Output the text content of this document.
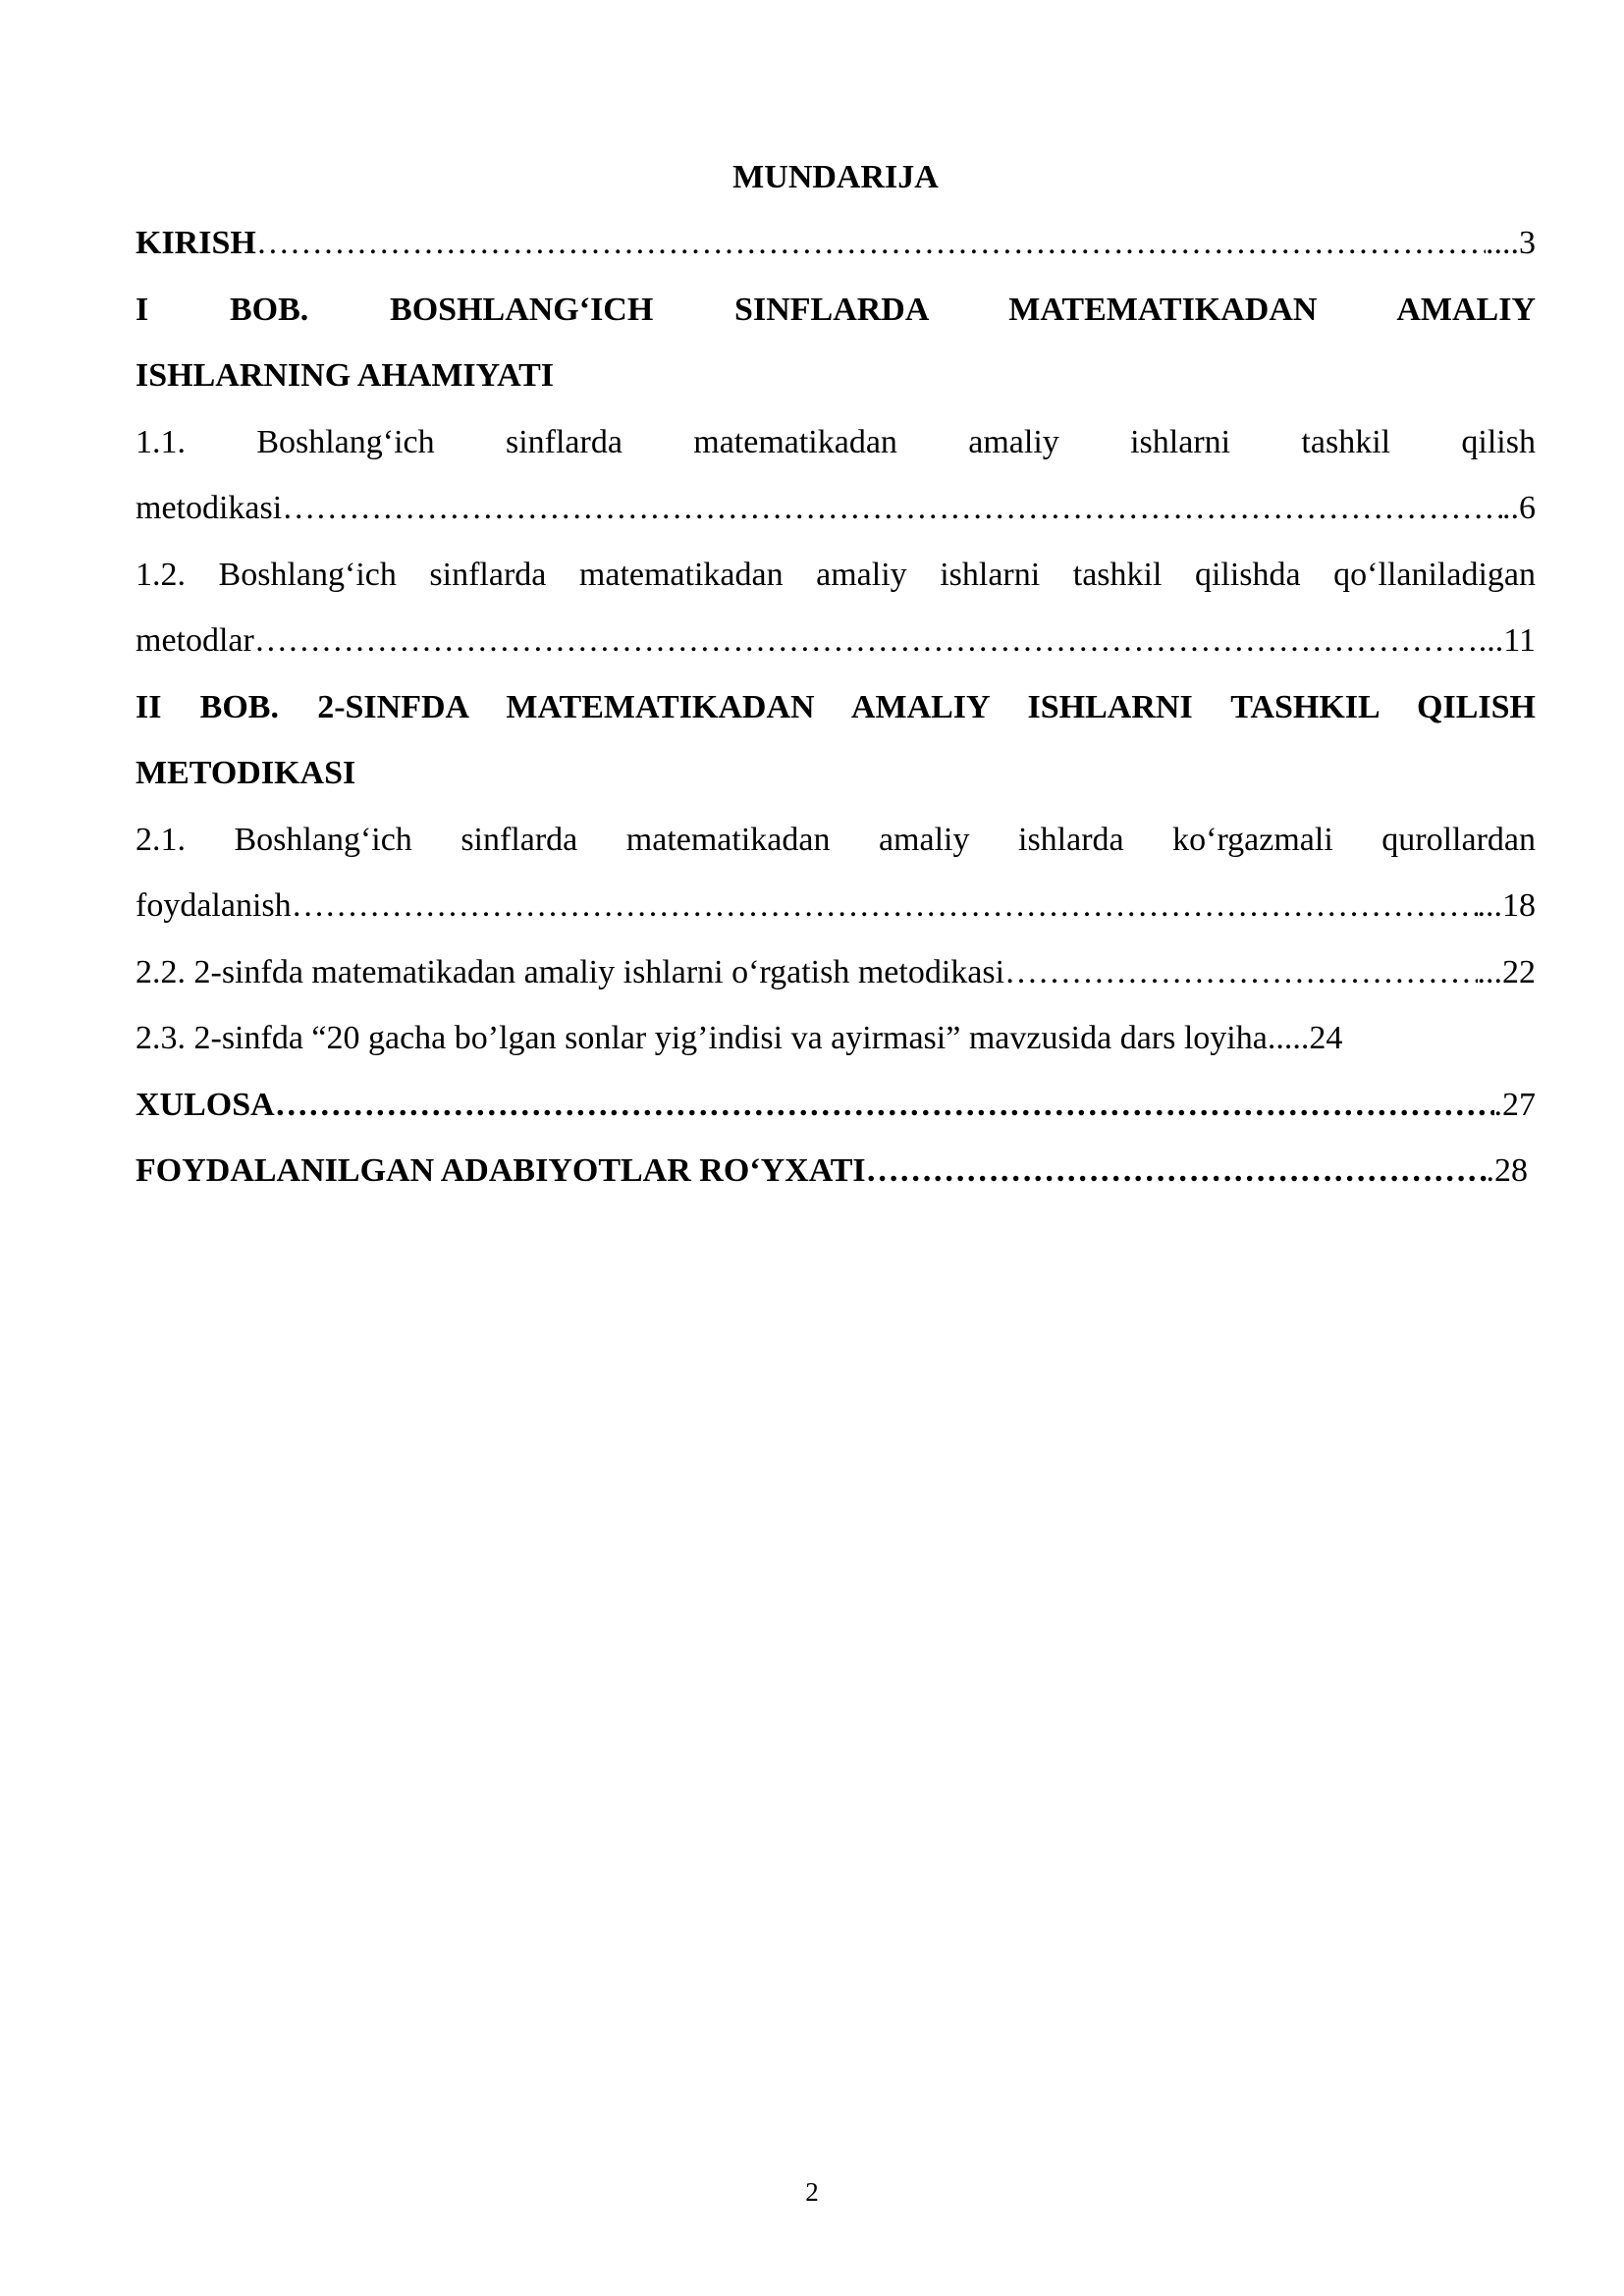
MUNDARIJA
KIRISH ……………………………………………………………………………………………………………………………………………………………………………………………………………………………	....3
I BOB. BOSHLANG‘ICH SINFLARDA MATEMATIKADAN AMALIY
ISHLARNING AHAMIYATI
1.1. Boshlang‘ich sinflarda matematikadan amaliy ishlarni tashkil qilish
metodikasi ……………………………………………………………………………………………………………………………………………………………………………………………………………………………	..6
1.2. Boshlang‘ich sinflarda matematikadan amaliy ishlarni tashkil qilishda qo‘llaniladigan
metodlar ……………………………………………………………………………………………………………………………………………………………………………………………………………………………	...11
II BOB. 2-SINFDA MATEMATIKADAN AMALIY ISHLARNI TASHKIL QILISH
METODIKASI
2.1. Boshlang‘ich sinflarda matematikadan amaliy ishlarda ko‘rgazmali qurollardan
foydalanish ……………………………………………………………………………………………………………………………………………………………………………………………………………………………	...18
2.2. 2-sinfda matematikadan amaliy ishlarni o‘rgatish metodikasi ……………………………………………………………………………………………………………………………………………………………………………………………………………………………	...22
2.3. 2-sinfda “20 gacha bo’lgan sonlar yig’indisi va ayirmasi” mavzusida dars loyiha.....24
XULOSA ……………………………………………………………………………………………………………………………………………………………………………………………………………………………	.27
FOYDALANILGAN ADABIYOTLAR RO‘YXATI ……………………………………………………………………………………………………………………………………………………………………………………………………………………………	.28
2
